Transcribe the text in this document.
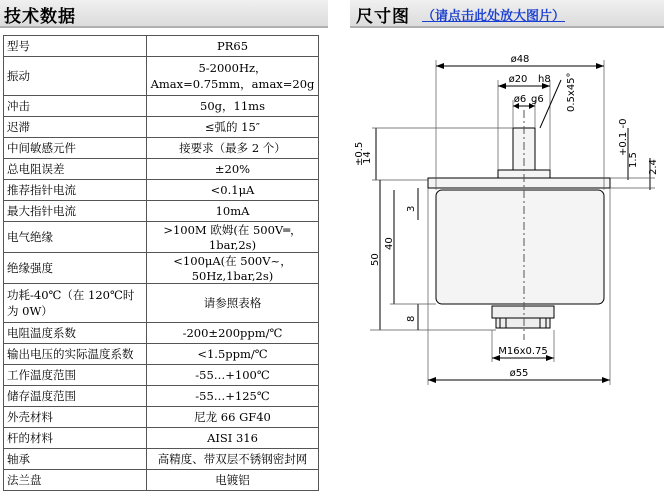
技术数据	尺寸图 （请点击此处放大图片）
型号	PR65
振动	5-2000Hz，Amax=0.75mm，amax=20g
冲击	50g，11ms
迟滞	≤弧的 15″
中间敏感元件	接要求（最多 2 个）
总电阻误差	±20%
推荐指针电流	<0.1μA
最大指针电流	10mA
电气绝缘	>100M 欧姆(在 500V═，1bar,2s)
绝缘强度	<100μA(在 500V~，50Hz,1bar,2s)
功耗-40℃（在 120℃时为 0W）	请参照表格
电阻温度系数	-200±200ppm/℃
输出电压的实际温度系数	<1.5ppm/℃
工作温度范围	-55…+100℃
储存温度范围	-55…+125℃
外壳材料	尼龙 66 GF40
杆的材料	AISI 316
轴承	高精度、带双层不锈钢密封网
法兰盘	电镀铝
ø48
ø20 h8
ø6 g6 0.5x45°
14
±0.5	1.5
+0.1 -0
2.4
3
40
50
8
M16x0.75
ø55
